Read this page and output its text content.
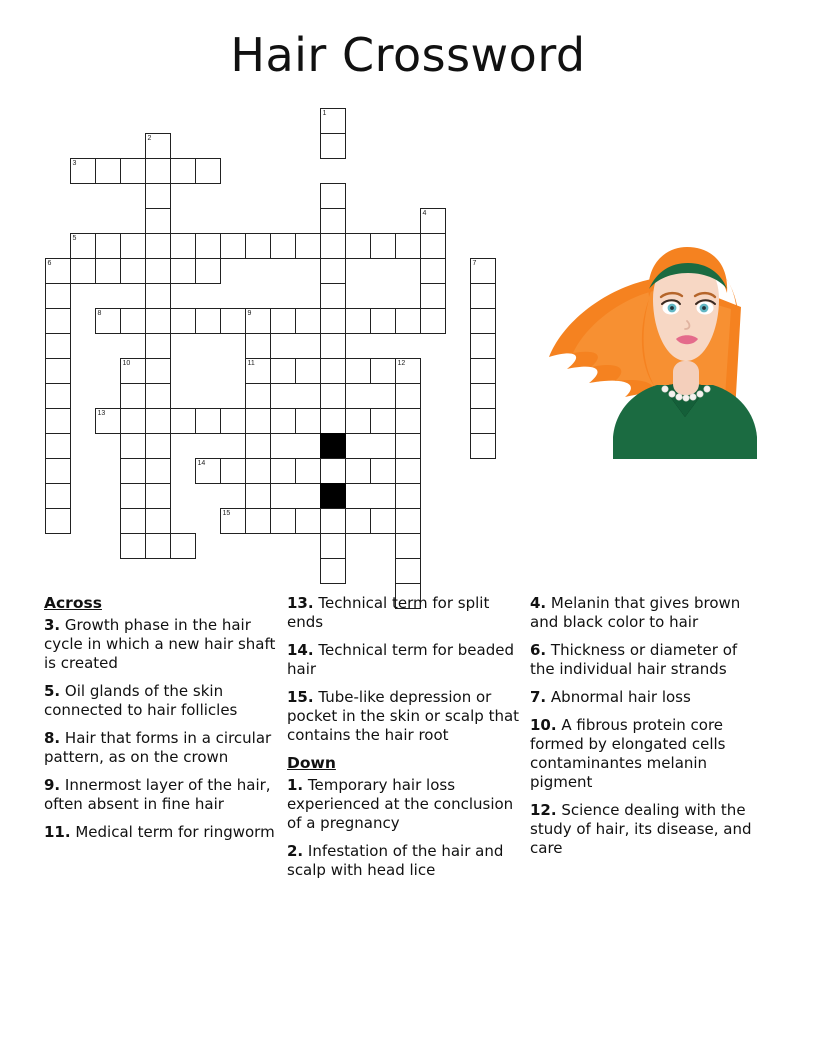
Hair Crossword
1
2
3
4
5
6	7
8	9
10	11	12
13
14
15
Across

3. Growth phase in the hair cycle in which a new hair shaft is created

5. Oil glands of the skin connected to hair follicles

8. Hair that forms in a circular pattern, as on the crown

9. Innermost layer of the hair, often absent in fine hair

11. Medical term for ringworm

13. Technical term for split ends

14. Technical term for beaded hair

15. Tube-like depression or pocket in the skin or scalp that contains the hair root

Down

1. Temporary hair loss experienced at the conclusion of a pregnancy

2. Infestation of the hair and scalp with head lice

4. Melanin that gives brown and black color to hair

6. Thickness or diameter of the individual hair strands

7. Abnormal hair loss

10. A fibrous protein core formed by elongated cells contaminantes melanin pigment

12. Science dealing with the study of hair, its disease, and care
